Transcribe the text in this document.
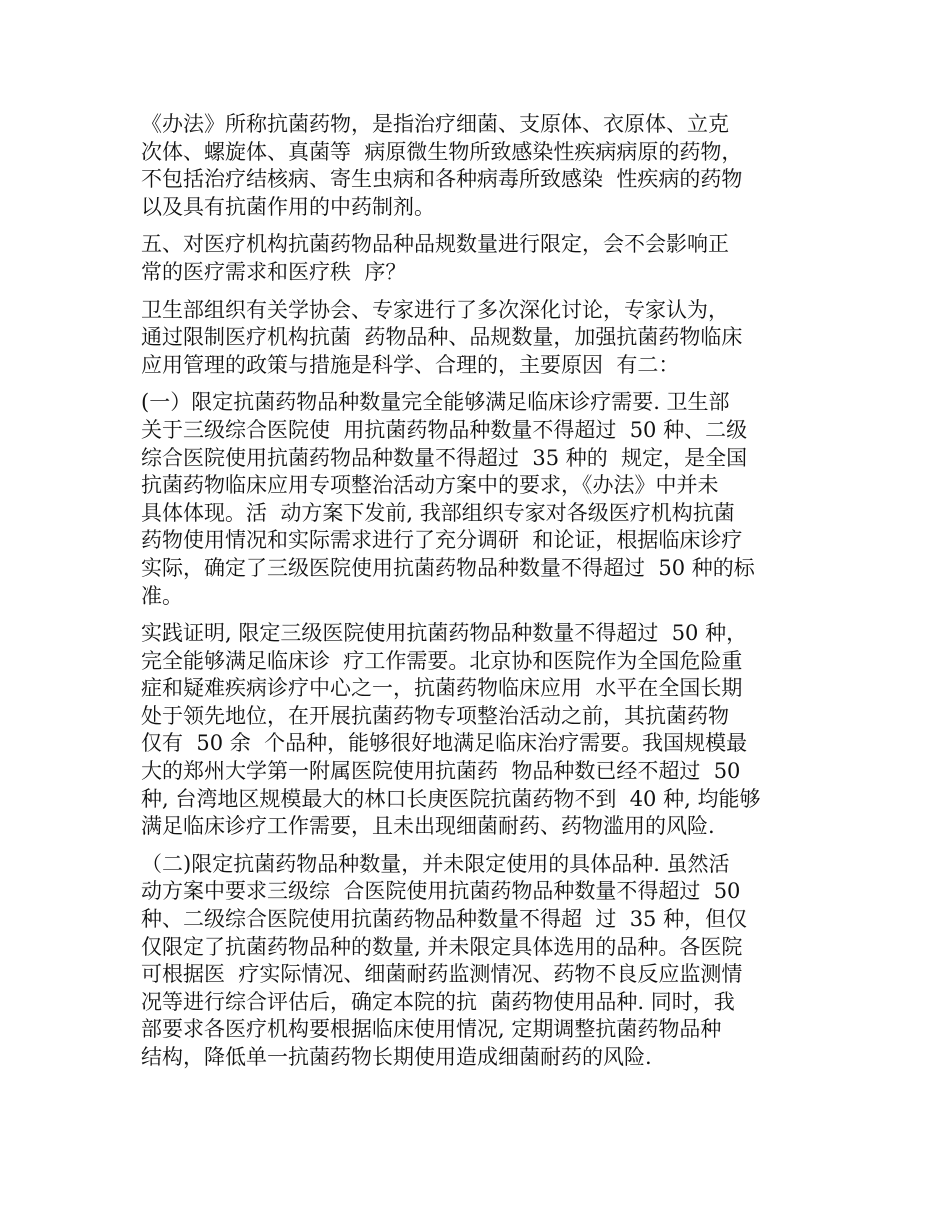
《办法》所称抗菌药物，是指治疗细菌、支原体、衣原体、立克
次体、螺旋体、真菌等  病原微生物所致感染性疾病病原的药物，
不包括治疗结核病、寄生虫病和各种病毒所致感染  性疾病的药物
以及具有抗菌作用的中药制剂。

五、对医疗机构抗菌药物品种品规数量进行限定，会不会影响正
常的医疗需求和医疗秩  序？

卫生部组织有关学协会、专家进行了多次深化讨论，专家认为，
通过限制医疗机构抗菌  药物品种、品规数量，加强抗菌药物临床
应用管理的政策与措施是科学、合理的，主要原因  有二：

(一）限定抗菌药物品种数量完全能够满足临床诊疗需要. 卫生部
关于三级综合医院使  用抗菌药物品种数量不得超过  50 种、二级
综合医院使用抗菌药物品种数量不得超过  35 种的  规定，是全国
抗菌药物临床应用专项整治活动方案中的要求，《办法》中并未
具体体现。活  动方案下发前, 我部组织专家对各级医疗机构抗菌
药物使用情况和实际需求进行了充分调研  和论证，根据临床诊疗
实际，确定了三级医院使用抗菌药物品种数量不得超过  50 种的标
准。

实践证明, 限定三级医院使用抗菌药物品种数量不得超过  50 种，
完全能够满足临床诊  疗工作需要。北京协和医院作为全国危险重
症和疑难疾病诊疗中心之一，抗菌药物临床应用  水平在全国长期
处于领先地位，在开展抗菌药物专项整治活动之前，其抗菌药物
仅有  50 余  个品种，能够很好地满足临床治疗需要。我国规模最
大的郑州大学第一附属医院使用抗菌药  物品种数已经不超过  50
种, 台湾地区规模最大的林口长庚医院抗菌药物不到  40 种, 均能够
满足临床诊疗工作需要，且未出现细菌耐药、药物滥用的风险.

（二)限定抗菌药物品种数量，并未限定使用的具体品种. 虽然活
动方案中要求三级综  合医院使用抗菌药物品种数量不得超过  50
种、二级综合医院使用抗菌药物品种数量不得超  过  35 种，但仅
仅限定了抗菌药物品种的数量, 并未限定具体选用的品种。各医院
可根据医  疗实际情况、细菌耐药监测情况、药物不良反应监测情
况等进行综合评估后，确定本院的抗  菌药物使用品种. 同时，我
部要求各医疗机构要根据临床使用情况, 定期调整抗菌药物品种
结构，降低单一抗菌药物长期使用造成细菌耐药的风险.
